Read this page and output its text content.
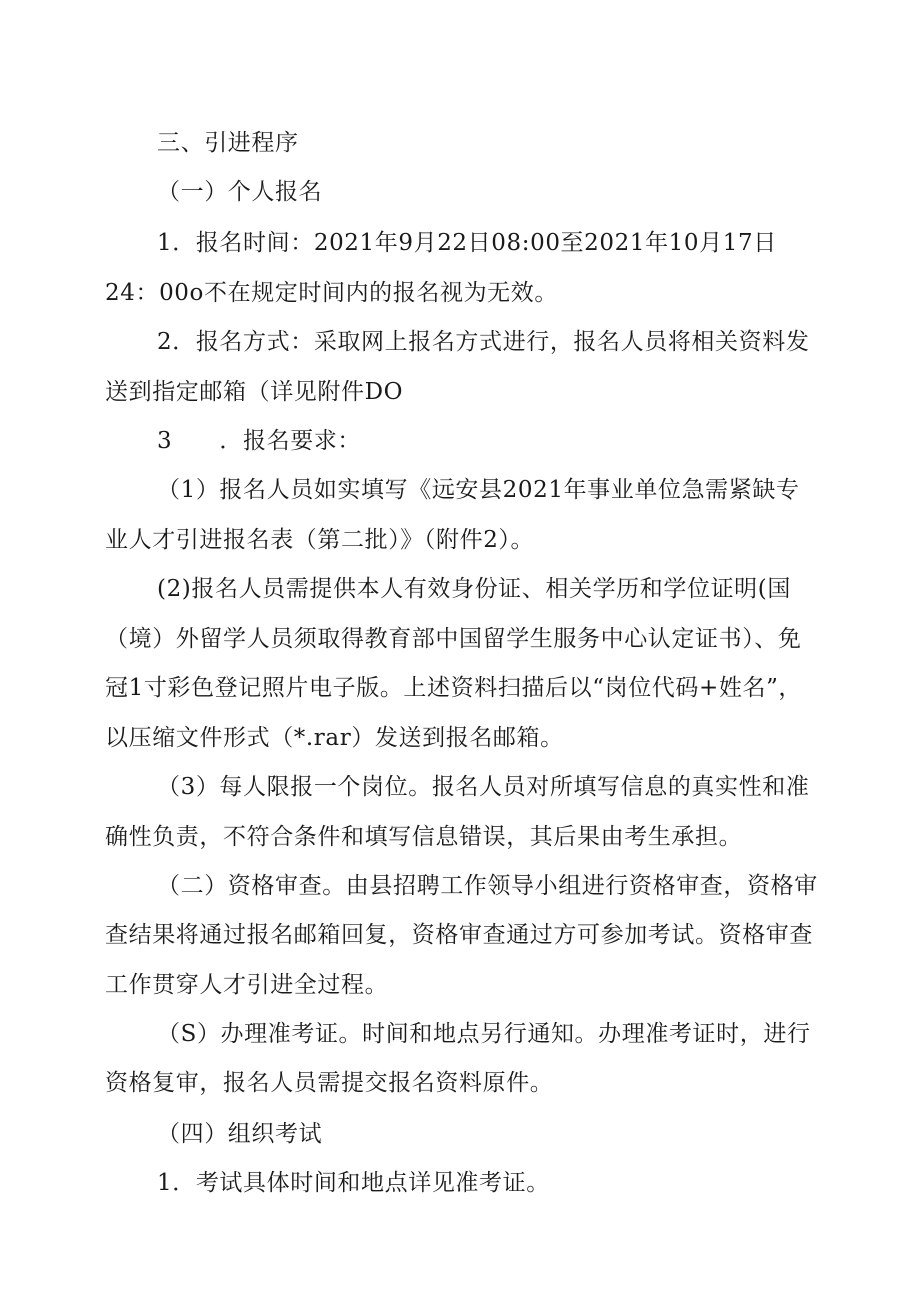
三、引进程序
（一）个人报名
1．报名时间：2021年9月22日08:00至2021年10月17日
24：00o不在规定时间内的报名视为无效。
2．报名方式：采取网上报名方式进行，报名人员将相关资料发
送到指定邮箱（详见附件DO
3　　．报名要求：
（1）报名人员如实填写《远安县2021年事业单位急需紧缺专
业人才引进报名表（第二批）》（附件2）。
(2)报名人员需提供本人有效身份证、相关学历和学位证明(国
（境）外留学人员须取得教育部中国留学生服务中心认定证书）、免
冠1寸彩色登记照片电子版。上述资料扫描后以“岗位代码+姓名”，
以压缩文件形式（*.rar）发送到报名邮箱。
（3）每人限报一个岗位。报名人员对所填写信息的真实性和准
确性负责，不符合条件和填写信息错误，其后果由考生承担。
（二）资格审查。由县招聘工作领导小组进行资格审查，资格审
查结果将通过报名邮箱回复，资格审查通过方可参加考试。资格审查
工作贯穿人才引进全过程。
（S）办理准考证。时间和地点另行通知。办理准考证时，进行
资格复审，报名人员需提交报名资料原件。
（四）组织考试
1．考试具体时间和地点详见准考证。
